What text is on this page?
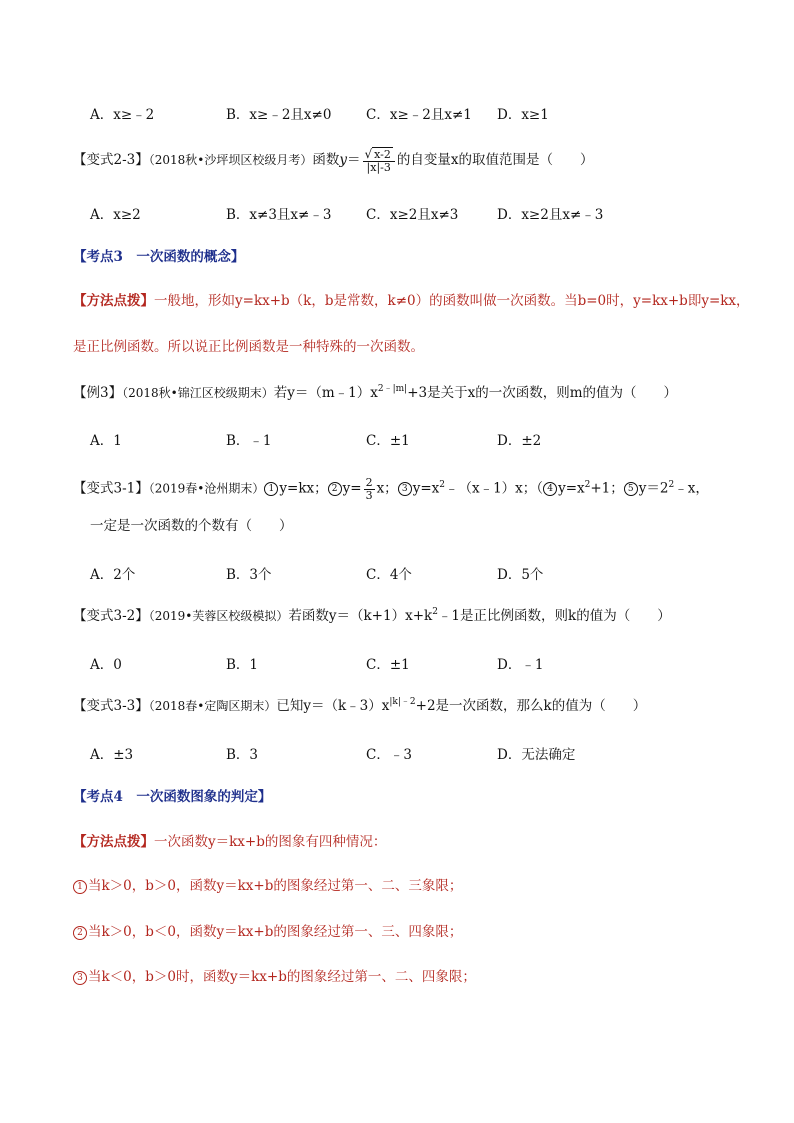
A．x≥﹣2	B．x≥﹣2且x≠0	C．x≥﹣2且x≠1 D．x≥1
【变式2-3】（2018秋•沙坪坝区校级月考）函数$y= \frac{√ x-2}{|x|-3}$ 的自变量x的取值范围是（　　）
A．x≥2	B．x≠3且x≠﹣3	C．x≥2且x≠3	D．x≥2且x≠﹣3
【考点3　一次函数的概念】
【方法点拨】一般地，形如y=kx+b（k，b是常数，k≠0）的函数叫做一次函数。当b=0时，y=kx+b即y=kx，
是正比例函数。所以说正比例函数是一种特殊的一次函数。
【例3】（2018秋•锦江区校级期末）若$y=(m﹣1)x^{2﹣|m|}+3$是关于x的一次函数，则m的值为（　　）
A．1	B．﹣1	C．±1	D．±2
【变式3-1】（2019春•沧州期末） 1 y=kx； 2 $y= \frac{2}{3}$ x； 3 $y=x^2﹣(x﹣1)x$；（ 4 $y=x^2+1$； 5 $y=2^2﹣x$，
一定是一次函数的个数有（　　）
A．2个	B．3个	C．4个	D．5个
【变式3-2】（2019•芙蓉区校级模拟）若函数$y=(k+1)x+k^2﹣1$是正比例函数，则k的值为（　　）
A．0	B．1	C．±1	D．﹣1
【变式3-3】（2018春•定陶区期末）已知$y=(k﹣3)x^{|k|﹣2}+2$是一次函数，那么k的值为（　　）
A．±3	B．3	C．﹣3	D．无法确定
【考点4　一次函数图象的判定】
【方法点拨】一次函数y＝kx+b的图象有四种情况：
1 当k＞0，b＞0，函数y＝kx+b的图象经过第一、二、三象限；
2 当k＞0，b＜0，函数y＝kx+b的图象经过第一、三、四象限；
3 当k＜0，b＞0时，函数y＝kx+b的图象经过第一、二、四象限；
